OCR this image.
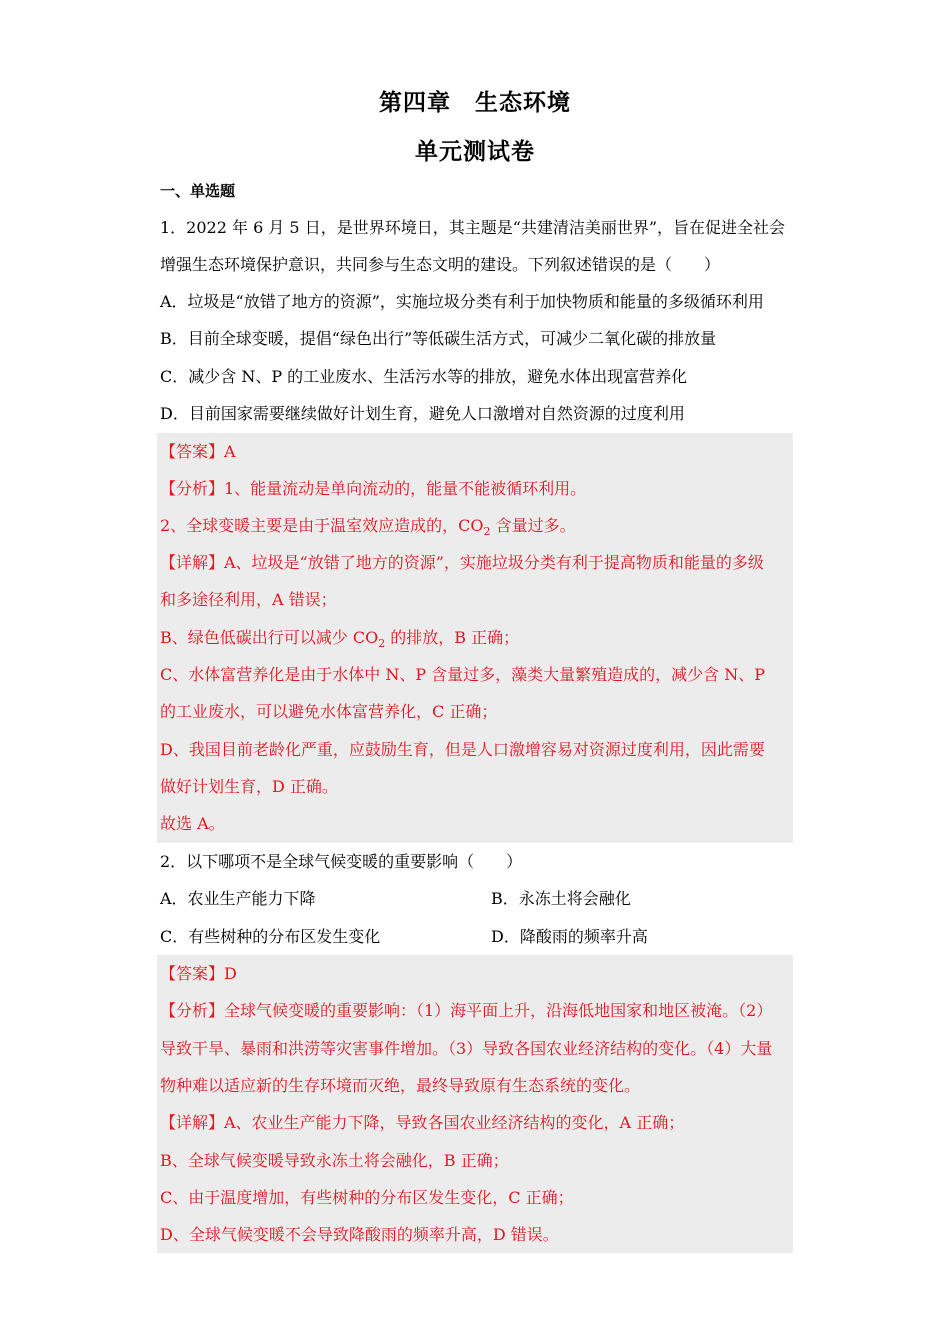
第四章　生态环境
单元测试卷
一、单选题
1．2022 年 6 月 5 日，是世界环境日，其主题是“共建清洁美丽世界”，旨在促进全社会
增强生态环境保护意识，共同参与生态文明的建设。下列叙述错误的是（　　）
A．垃圾是“放错了地方的资源”，实施垃圾分类有利于加快物质和能量的多级循环利用
B．目前全球变暖，提倡“绿色出行”等低碳生活方式，可减少二氧化碳的排放量
C．减少含 N、P 的工业废水、生活污水等的排放，避免水体出现富营养化
D．目前国家需要继续做好计划生育，避免人口激增对自然资源的过度利用
【答案】A
【分析】1、能量流动是单向流动的，能量不能被循环利用。
2、全球变暖主要是由于温室效应造成的，$CO_2$ 含量过多。
【详解】A、垃圾是“放错了地方的资源”，实施垃圾分类有利于提高物质和能量的多级
和多途径利用，A 错误；
B、绿色低碳出行可以减少 $CO_2$ 的排放，B 正确；
C、水体富营养化是由于水体中 N、P 含量过多，藻类大量繁殖造成的，减少含 N、P
的工业废水，可以避免水体富营养化，C 正确；
D、我国目前老龄化严重，应鼓励生育，但是人口激增容易对资源过度利用，因此需要
做好计划生育，D 正确。
故选 A。
2．以下哪项不是全球气候变暖的重要影响（　　）
A．农业生产能力下降	B．永冻土将会融化
C．有些树种的分布区发生变化	D．降酸雨的频率升高
【答案】D
【分析】全球气候变暖的重要影响：（1）海平面上升，沿海低地国家和地区被淹。（2）
导致干旱、暴雨和洪涝等灾害事件增加。（3）导致各国农业经济结构的变化。（4）大量
物种难以适应新的生存环境而灭绝，最终导致原有生态系统的变化。
【详解】A、农业生产能力下降，导致各国农业经济结构的变化，A 正确；
B、全球气候变暖导致永冻土将会融化，B 正确；
C、由于温度增加，有些树种的分布区发生变化，C 正确；
D、全球气候变暖不会导致降酸雨的频率升高，D 错误。
